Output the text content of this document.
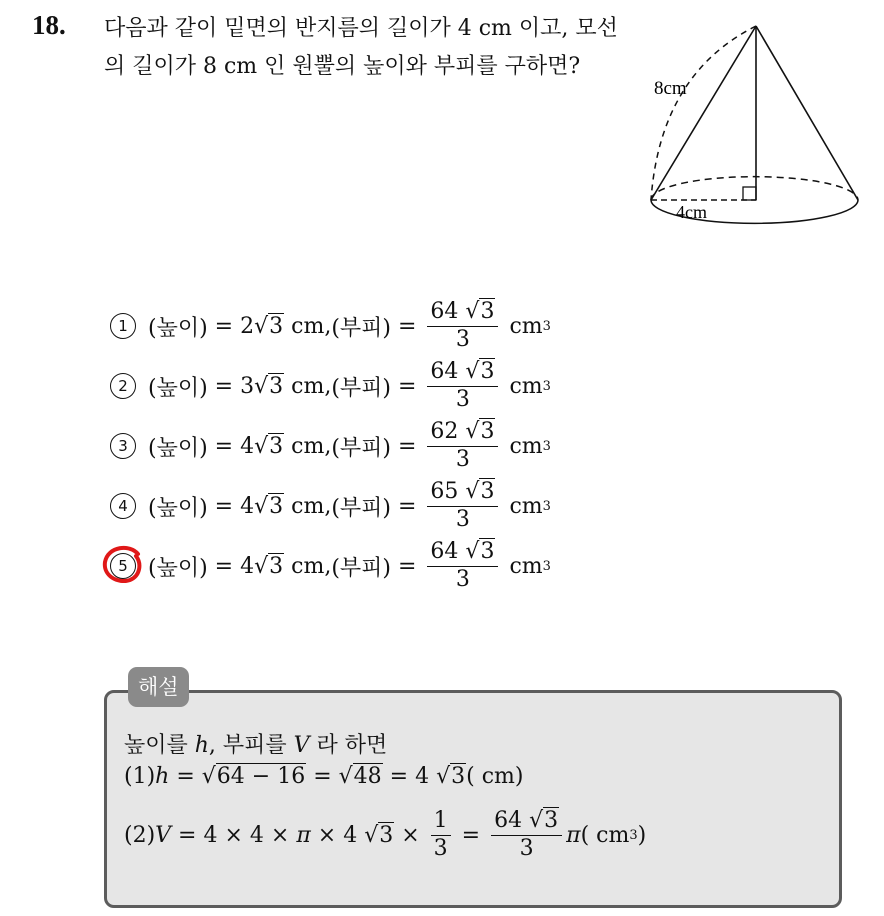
18. 다음과 같이 밑면의 반지름의 길이가 4 cm 이고, 모선의 길이가 8 cm 인 원뿔의 높이와 부피를 구하면?
8cm
4cm
1 (높이) = 2 √3
cm , (부피) = $\frac{64 √3}{3}$
cm 3
2 (높이) = 3 √3
cm , (부피) = $\frac{64 √3}{3}$
cm 3
3 (높이) = 4 √3
cm , (부피) = $\frac{62 √3}{3}$
cm 3
4 (높이) = 4 √3
cm , (부피) = $\frac{65 √3}{3}$
cm 3
5 (높이) = 4 √3
cm , (부피) = $\frac{64 √3}{3}$
cm 3
해설
높이를 h, 부피를 V 라 하면
(1)h = √64 − 16 = √48 = 4 √3( cm)
(2) V = 4 × 4 × π × 4 $√3 \times \frac{1}{3} = \frac{64 √3}{3}$ π ( cm 3 )
